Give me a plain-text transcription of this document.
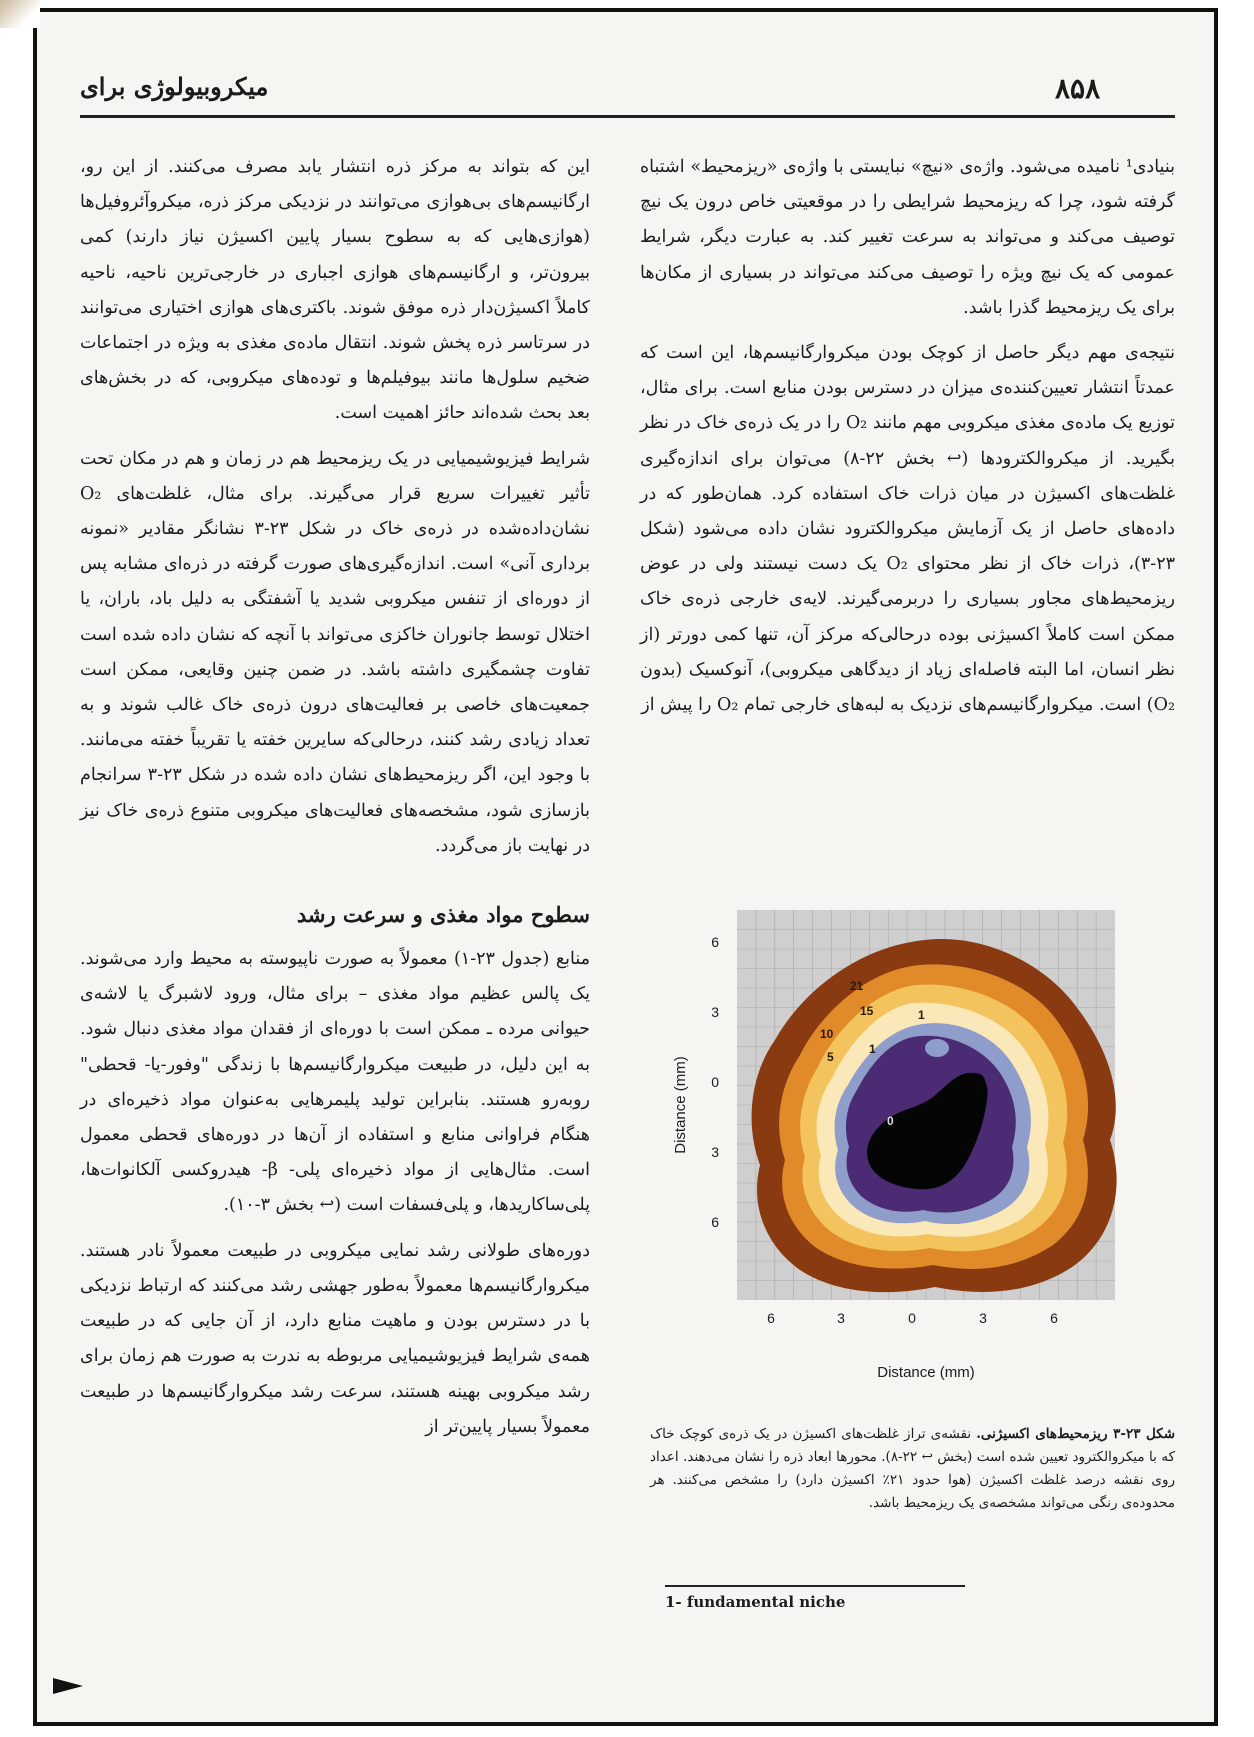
میکروبیولوژی برای	۸۵۸

بنیادی¹ نامیده می‌شود. واژه‌ی «نیچ» نبایستی با واژه‌ی «ریزمحیط» اشتباه گرفته شود، چرا که ریزمحیط شرایطی را در موقعیتی خاص درون یک نیچ توصیف می‌کند و می‌تواند به سرعت تغییر کند. به عبارت دیگر، شرایط عمومی که یک نیچ ویژه را توصیف می‌کند می‌تواند در بسیاری از مکان‌ها برای یک ریزمحیط گذرا باشد.

نتیجه‌ی مهم دیگر حاصل از کوچک بودن میکروارگانیسم‌ها، این است که عمدتاً انتشار تعیین‌کننده‌ی میزان در دسترس بودن منابع است. برای مثال، توزیع یک ماده‌ی مغذی میکروبی مهم مانند O₂ را در یک ذره‌ی خاک در نظر بگیرید. از میکروالکترودها (↩ بخش ۲۲-۸) می‌توان برای اندازه‌گیری غلظت‌های اکسیژن در میان ذرات خاک استفاده کرد. همان‌طور که در داده‌های حاصل از یک آزمایش میکروالکترود نشان داده می‌شود (شکل ۲۳-۳)، ذرات خاک از نظر محتوای O₂ یک دست نیستند ولی در عوض ریزمحیط‌های مجاور بسیاری را دربرمی‌گیرند. لایه‌ی خارجی ذره‌ی خاک ممکن است کاملاً اکسیژنی بوده درحالی‌که مرکز آن، تنها کمی دورتر (از نظر انسان، اما البته فاصله‌ای زیاد از دیدگاهی میکروبی)، آنوکسیک (بدون O₂) است. میکروارگانیسم‌های نزدیک به لبه‌های خارجی تمام O₂ را پیش از

این که بتواند به مرکز ذره انتشار یابد مصرف می‌کنند. از این رو، ارگانیسم‌های بی‌هوازی می‌توانند در نزدیکی مرکز ذره، میکروآئروفیل‌ها (هوازی‌هایی که به سطوح بسیار پایین اکسیژن نیاز دارند) کمی بیرون‌تر، و ارگانیسم‌های هوازی اجباری در خارجی‌ترین ناحیه، ناحیه کاملاً اکسیژن‌دار ذره موفق شوند. باکتری‌های هوازی اختیاری می‌توانند در سرتاسر ذره پخش شوند. انتقال ماده‌ی مغذی به ویژه در اجتماعات ضخیم سلول‌ها مانند بیوفیلم‌ها و توده‌های میکروبی، که در بخش‌های بعد بحث شده‌اند حائز اهمیت است.

شرایط فیزیوشیمیایی در یک ریزمحیط هم در زمان و هم در مکان تحت تأثیر تغییرات سریع قرار می‌گیرند. برای مثال، غلظت‌های O₂ نشان‌داده‌شده در ذره‌ی خاک در شکل ۲۳-۳ نشانگر مقادیر «نمونه برداری آنی» است. اندازه‌گیری‌های صورت گرفته در ذره‌ای مشابه پس از دوره‌ای از تنفس میکروبی شدید یا آشفتگی به دلیل باد، باران، یا اختلال توسط جانوران خاکزی می‌تواند با آنچه که نشان داده شده است تفاوت چشمگیری داشته باشد. در ضمن چنین وقایعی، ممکن است جمعیت‌های خاصی بر فعالیت‌های درون ذره‌ی خاک غالب شوند و به تعداد زیادی رشد کنند، درحالی‌که سایرین خفته یا تقریباً خفته می‌مانند. با وجود این، اگر ریزمحیط‌های نشان داده شده در شکل ۲۳-۳ سرانجام بازسازی شود، مشخصه‌های فعالیت‌های میکروبی متنوع ذره‌ی خاک نیز در نهایت باز می‌گردد.

سطوح مواد مغذی و سرعت رشد

منابع (جدول ۲۳-۱) معمولاً به صورت ناپیوسته به محیط وارد می‌شوند. یک پالس عظیم مواد مغذی – برای مثال، ورود لاشبرگ یا لاشه‌ی حیوانی مرده ـ ممکن است با دوره‌ای از فقدان مواد مغذی دنبال شود. به این دلیل، در طبیعت میکروارگانیسم‌ها با زندگی "وفور-یا- قحطی" روبه‌رو هستند. بنابراین تولید پلیمرهایی به‌عنوان مواد ذخیره‌ای در هنگام فراوانی منابع و استفاده از آن‌ها در دوره‌های قحطی معمول است. مثال‌هایی از مواد ذخیره‌ای پلی- β- هیدروکسی آلکانوات‌ها، پلی‌ساکاریدها، و پلی‌فسفات است (↩ بخش ۳-۱۰).

دوره‌های طولانی رشد نمایی میکروبی در طبیعت معمولاً نادر هستند. میکروارگانیسم‌ها معمولاً به‌طور جهشی رشد می‌کنند که ارتباط نزدیکی با در دسترس بودن و ماهیت منابع دارد، از آن جایی که در طبیعت همه‌ی شرایط فیزیوشیمیایی مربوطه به ندرت به صورت هم زمان برای رشد میکروبی بهینه هستند، سرعت رشد میکروارگانیسم‌ها در طبیعت معمولاً بسیار پایین‌تر از

21
15
10
5
1
1
0
6
3
0
3
6
6	3	0	3	6
Distance (mm)
Distance (mm)
شکل ۲۳-۳ ریزمحیط‌های اکسیژنی. نقشه‌ی تراز غلظت‌های اکسیژن در یک ذره‌ی کوچک خاک که با میکروالکترود تعیین شده است (بخش ↩ ۲۲-۸). محورها ابعاد ذره را نشان می‌دهند. اعداد روی نقشه درصد غلظت اکسیژن (هوا حدود ۲۱٪ اکسیژن دارد) را مشخص می‌کنند. هر محدوده‌ی رنگی می‌تواند مشخصه‌ی یک ریزمحیط باشد.
1- fundamental niche
